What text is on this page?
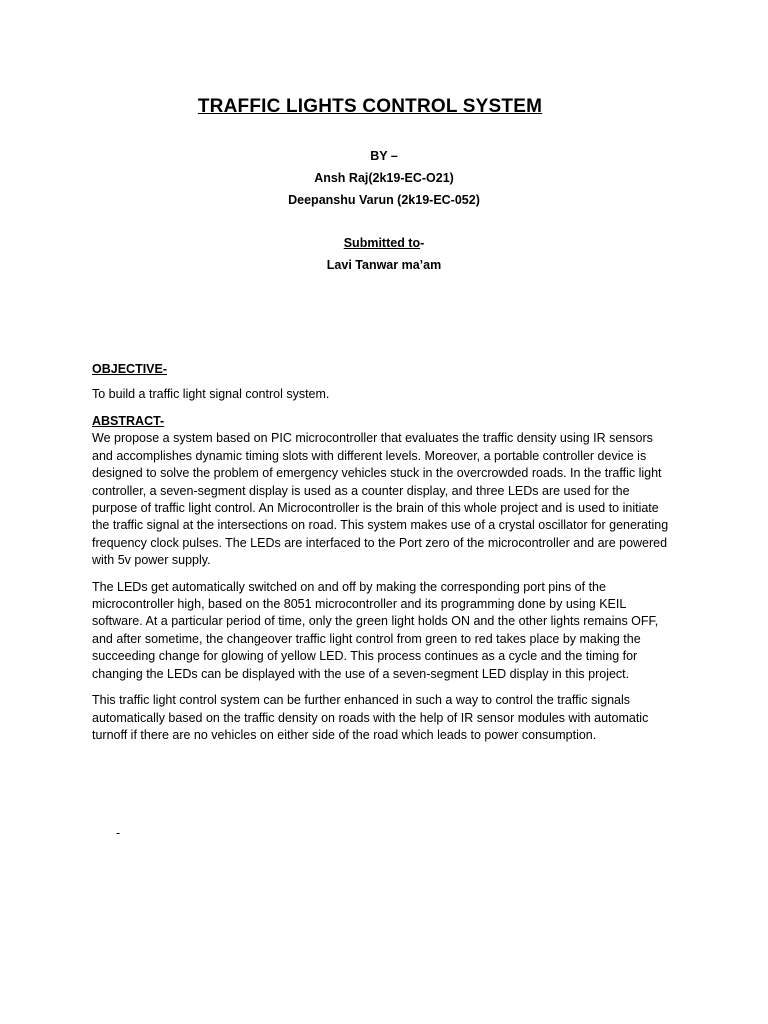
TRAFFIC LIGHTS CONTROL SYSTEM

BY –

Ansh Raj(2k19-EC-O21)

Deepanshu Varun (2k19-EC-052)

Submitted to-

Lavi Tanwar ma’am

OBJECTIVE-
To build a traffic light signal control system.
ABSTRACT-
We propose a system based on PIC microcontroller that evaluates the traffic density using IR sensors and accomplishes dynamic timing slots with different levels. Moreover, a portable controller device is designed to solve the problem of emergency vehicles stuck in the overcrowded roads. In the traffic light controller, a seven-segment display is used as a counter display, and three LEDs are used for the purpose of traffic light control. An Microcontroller is the brain of this whole project and is used to initiate the traffic signal at the intersections on road. This system makes use of a crystal oscillator for generating frequency clock pulses. The LEDs are interfaced to the Port zero of the microcontroller and are powered with 5v power supply.
The LEDs get automatically switched on and off by making the corresponding port pins of the microcontroller high, based on the 8051 microcontroller and its programming done by using KEIL software. At a particular period of time, only the green light holds ON and the other lights remains OFF, and after sometime, the changeover traffic light control from green to red takes place by making the succeeding change for glowing of yellow LED. This process continues as a cycle and the timing for changing the LEDs can be displayed with the use of a seven-segment LED display in this project.
This traffic light control system can be further enhanced in such a way to control the traffic signals automatically based on the traffic density on roads with the help of IR sensor modules with automatic turnoff if there are no vehicles on either side of the road which leads to power consumption.
-
